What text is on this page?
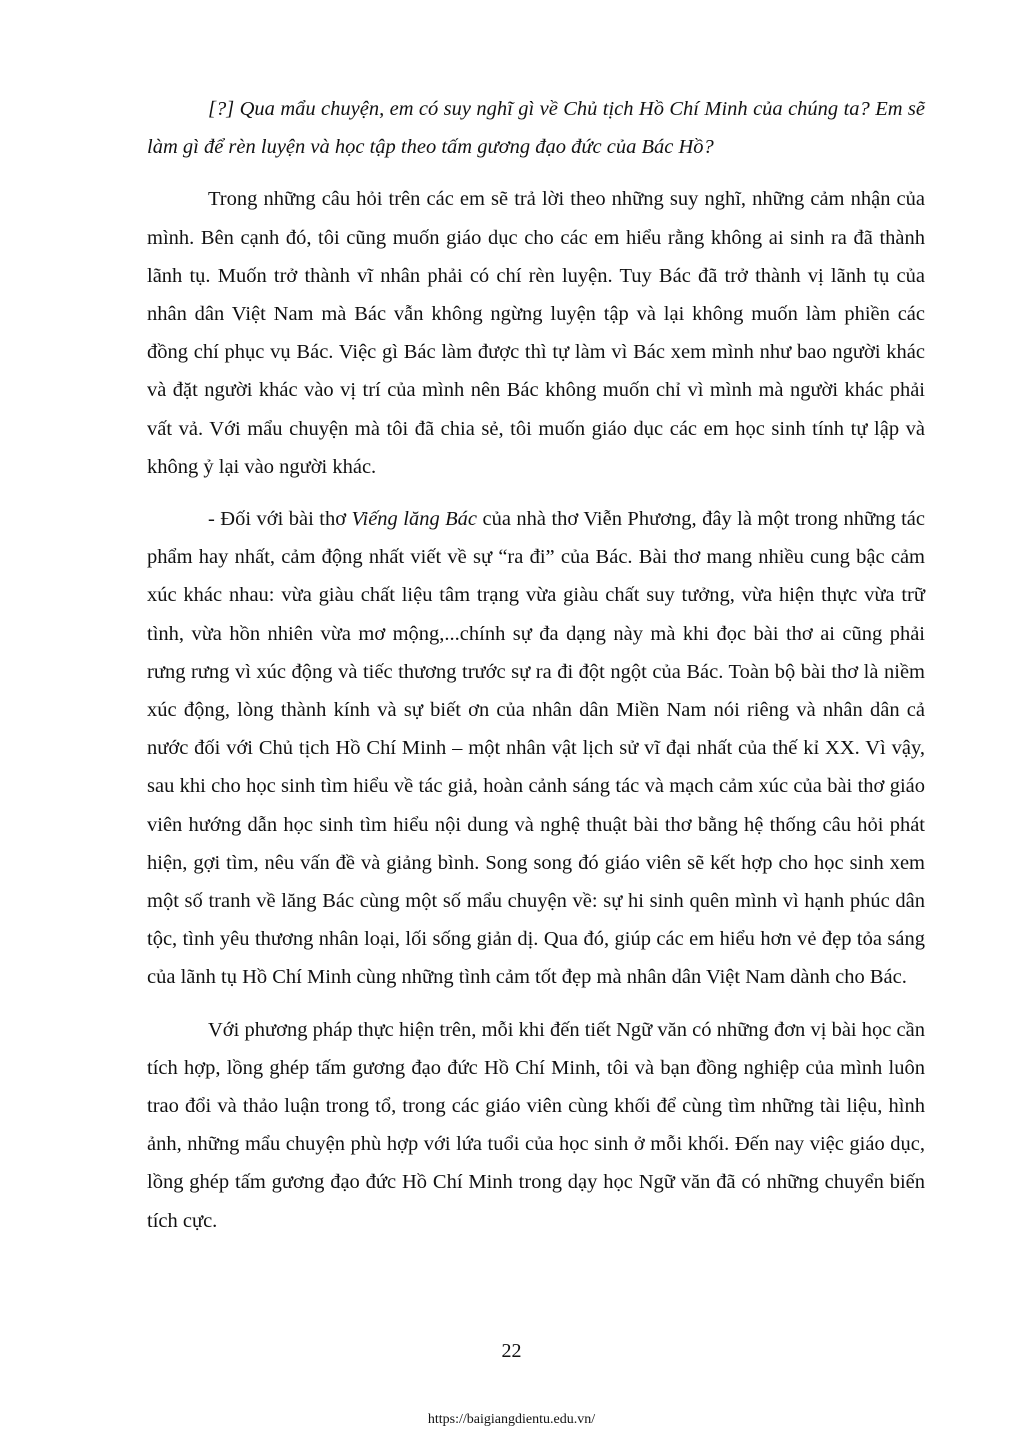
[?] Qua mẩu chuyện, em có suy nghĩ gì về Chủ tịch Hồ Chí Minh của chúng ta? Em sẽ làm gì để rèn luyện và học tập theo tấm gương đạo đức của Bác Hồ?

Trong những câu hỏi trên các em sẽ trả lời theo những suy nghĩ, những cảm nhận của mình. Bên cạnh đó, tôi cũng muốn giáo dục cho các em hiểu rằng không ai sinh ra đã thành lãnh tụ. Muốn trở thành vĩ nhân phải có chí rèn luyện. Tuy Bác đã trở thành vị lãnh tụ của nhân dân Việt Nam mà Bác vẫn không ngừng luyện tập và lại không muốn làm phiền các đồng chí phục vụ Bác. Việc gì Bác làm được thì tự làm vì Bác xem mình như bao người khác và đặt người khác vào vị trí của mình nên Bác không muốn chỉ vì mình mà người khác phải vất vả. Với mẩu chuyện mà tôi đã chia sẻ, tôi muốn giáo dục các em học sinh tính tự lập và không ỷ lại vào người khác.

- Đối với bài thơ Viếng lăng Bác của nhà thơ Viễn Phương, đây là một trong những tác phẩm hay nhất, cảm động nhất viết về sự “ra đi” của Bác. Bài thơ mang nhiều cung bậc cảm xúc khác nhau: vừa giàu chất liệu tâm trạng vừa giàu chất suy tưởng, vừa hiện thực vừa trữ tình, vừa hồn nhiên vừa mơ mộng,...chính sự đa dạng này mà khi đọc bài thơ ai cũng phải rưng rưng vì xúc động và tiếc thương trước sự ra đi đột ngột của Bác. Toàn bộ bài thơ là niềm xúc động, lòng thành kính và sự biết ơn của nhân dân Miền Nam nói riêng và nhân dân cả nước đối với Chủ tịch Hồ Chí Minh – một nhân vật lịch sử vĩ đại nhất của thế kỉ XX. Vì vậy, sau khi cho học sinh tìm hiểu về tác giả, hoàn cảnh sáng tác và mạch cảm xúc của bài thơ giáo viên hướng dẫn học sinh tìm hiểu nội dung và nghệ thuật bài thơ bằng hệ thống câu hỏi phát hiện, gợi tìm, nêu vấn đề và giảng bình. Song song đó giáo viên sẽ kết hợp cho học sinh xem một số tranh về lăng Bác cùng một số mẩu chuyện về: sự hi sinh quên mình vì hạnh phúc dân tộc, tình yêu thương nhân loại, lối sống giản dị. Qua đó, giúp các em hiểu hơn vẻ đẹp tỏa sáng của lãnh tụ Hồ Chí Minh cùng những tình cảm tốt đẹp mà nhân dân Việt Nam dành cho Bác.

Với phương pháp thực hiện trên, mỗi khi đến tiết Ngữ văn có những đơn vị bài học cần tích hợp, lồng ghép tấm gương đạo đức Hồ Chí Minh, tôi và bạn đồng nghiệp của mình luôn trao đổi và thảo luận trong tổ, trong các giáo viên cùng khối để cùng tìm những tài liệu, hình ảnh, những mẩu chuyện phù hợp với lứa tuổi của học sinh ở mỗi khối. Đến nay việc giáo dục, lồng ghép tấm gương đạo đức Hồ Chí Minh trong dạy học Ngữ văn đã có những chuyển biến tích cực.

22
https://baigiangdientu.edu.vn/
